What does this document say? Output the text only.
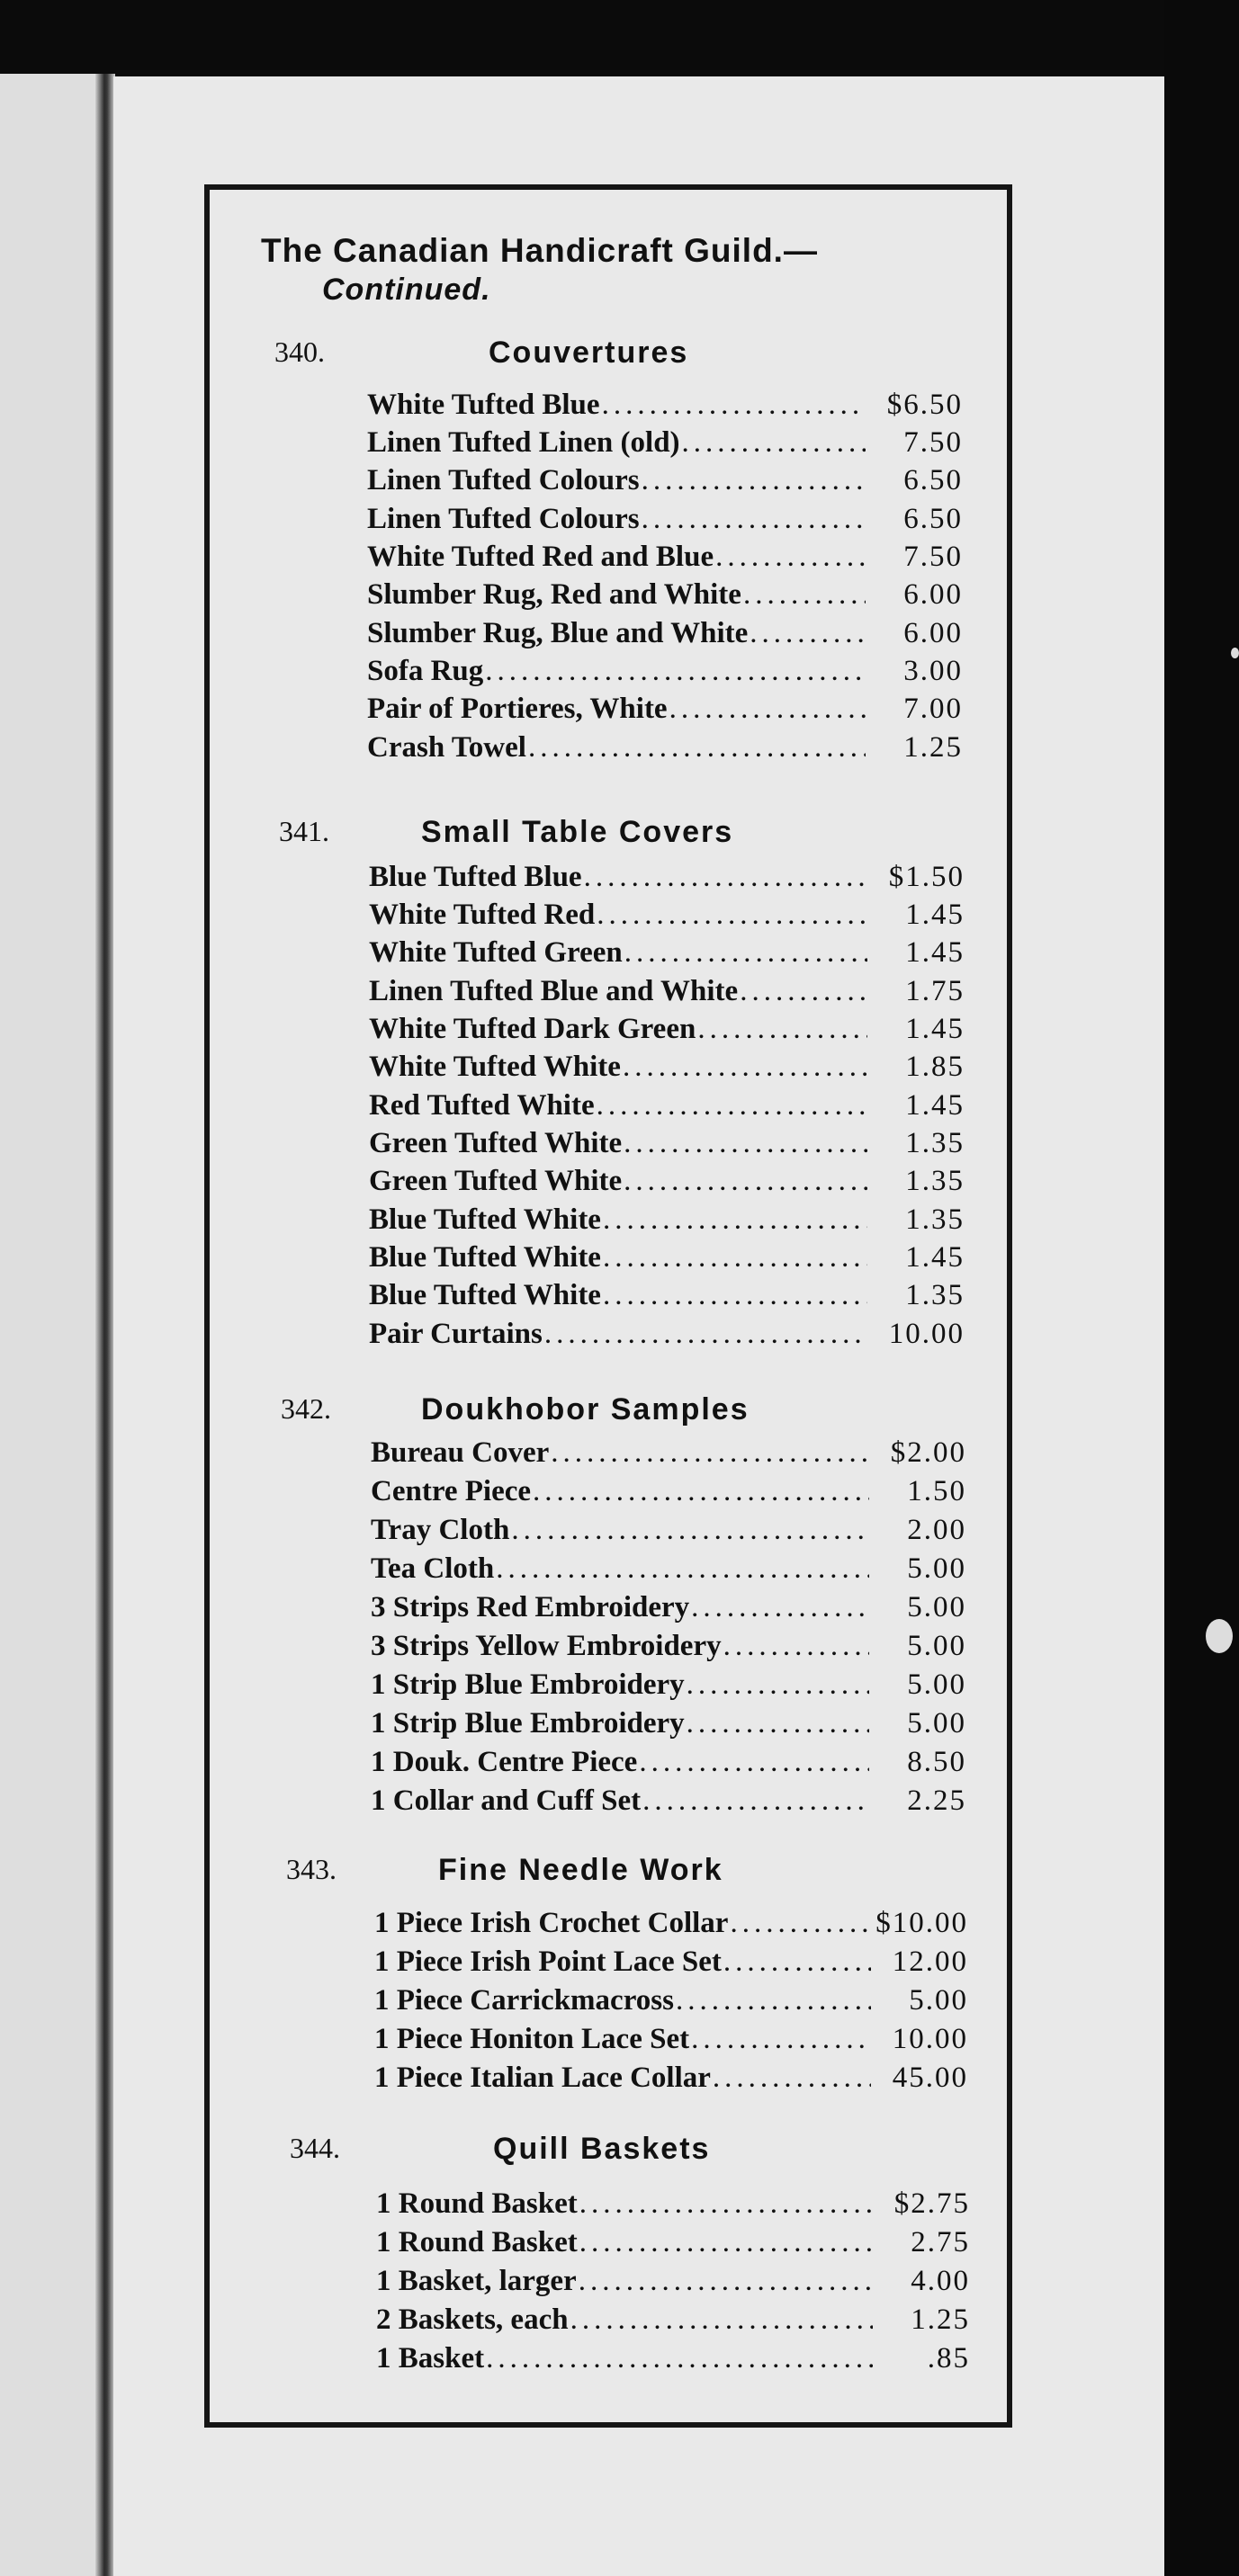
The Canadian Handicraft Guild.—
Continued.
340.	Couvertures
White Tufted Blue .....	$6.50
Linen Tufted Linen (old) .....	7.50
Linen Tufted Colours .....	6.50
Linen Tufted Colours .....	6.50
White Tufted Red and Blue .....	7.50
Slumber Rug, Red and White .....	6.00
Slumber Rug, Blue and White .....	6.00
Sofa Rug .....	3.00
Pair of Portieres, White .....	7.00
Crash Towel .....	1.25
341.	Small Table Covers
Blue Tufted Blue .....	$1.50
White Tufted Red .....	1.45
White Tufted Green .....	1.45
Linen Tufted Blue and White .....	1.75
White Tufted Dark Green .....	1.45
White Tufted White .....	1.85
Red Tufted White .....	1.45
Green Tufted White .....	1.35
Green Tufted White .....	1.35
Blue Tufted White .....	1.35
Blue Tufted White .....	1.45
Blue Tufted White .....	1.35
Pair Curtains .....	10.00
342.	Doukhobor Samples
Bureau Cover .....	$2.00
Centre Piece .....	1.50
Tray Cloth .....	2.00
Tea Cloth .....	5.00
3 Strips Red Embroidery .....	5.00
3 Strips Yellow Embroidery .....	5.00
1 Strip Blue Embroidery .....	5.00
1 Strip Blue Embroidery .....	5.00
1 Douk. Centre Piece .....	8.50
1 Collar and Cuff Set .....	2.25
343.	Fine Needle Work
1 Piece Irish Crochet Collar .....	$10.00
1 Piece Irish Point Lace Set .....	12.00
1 Piece Carrickmacross .....	5.00
1 Piece Honiton Lace Set .....	10.00
1 Piece Italian Lace Collar .....	45.00
344.	Quill Baskets
1 Round Basket .....	$2.75
1 Round Basket .....	2.75
1 Basket, larger .....	4.00
2 Baskets, each .....	1.25
1 Basket .....	.85
